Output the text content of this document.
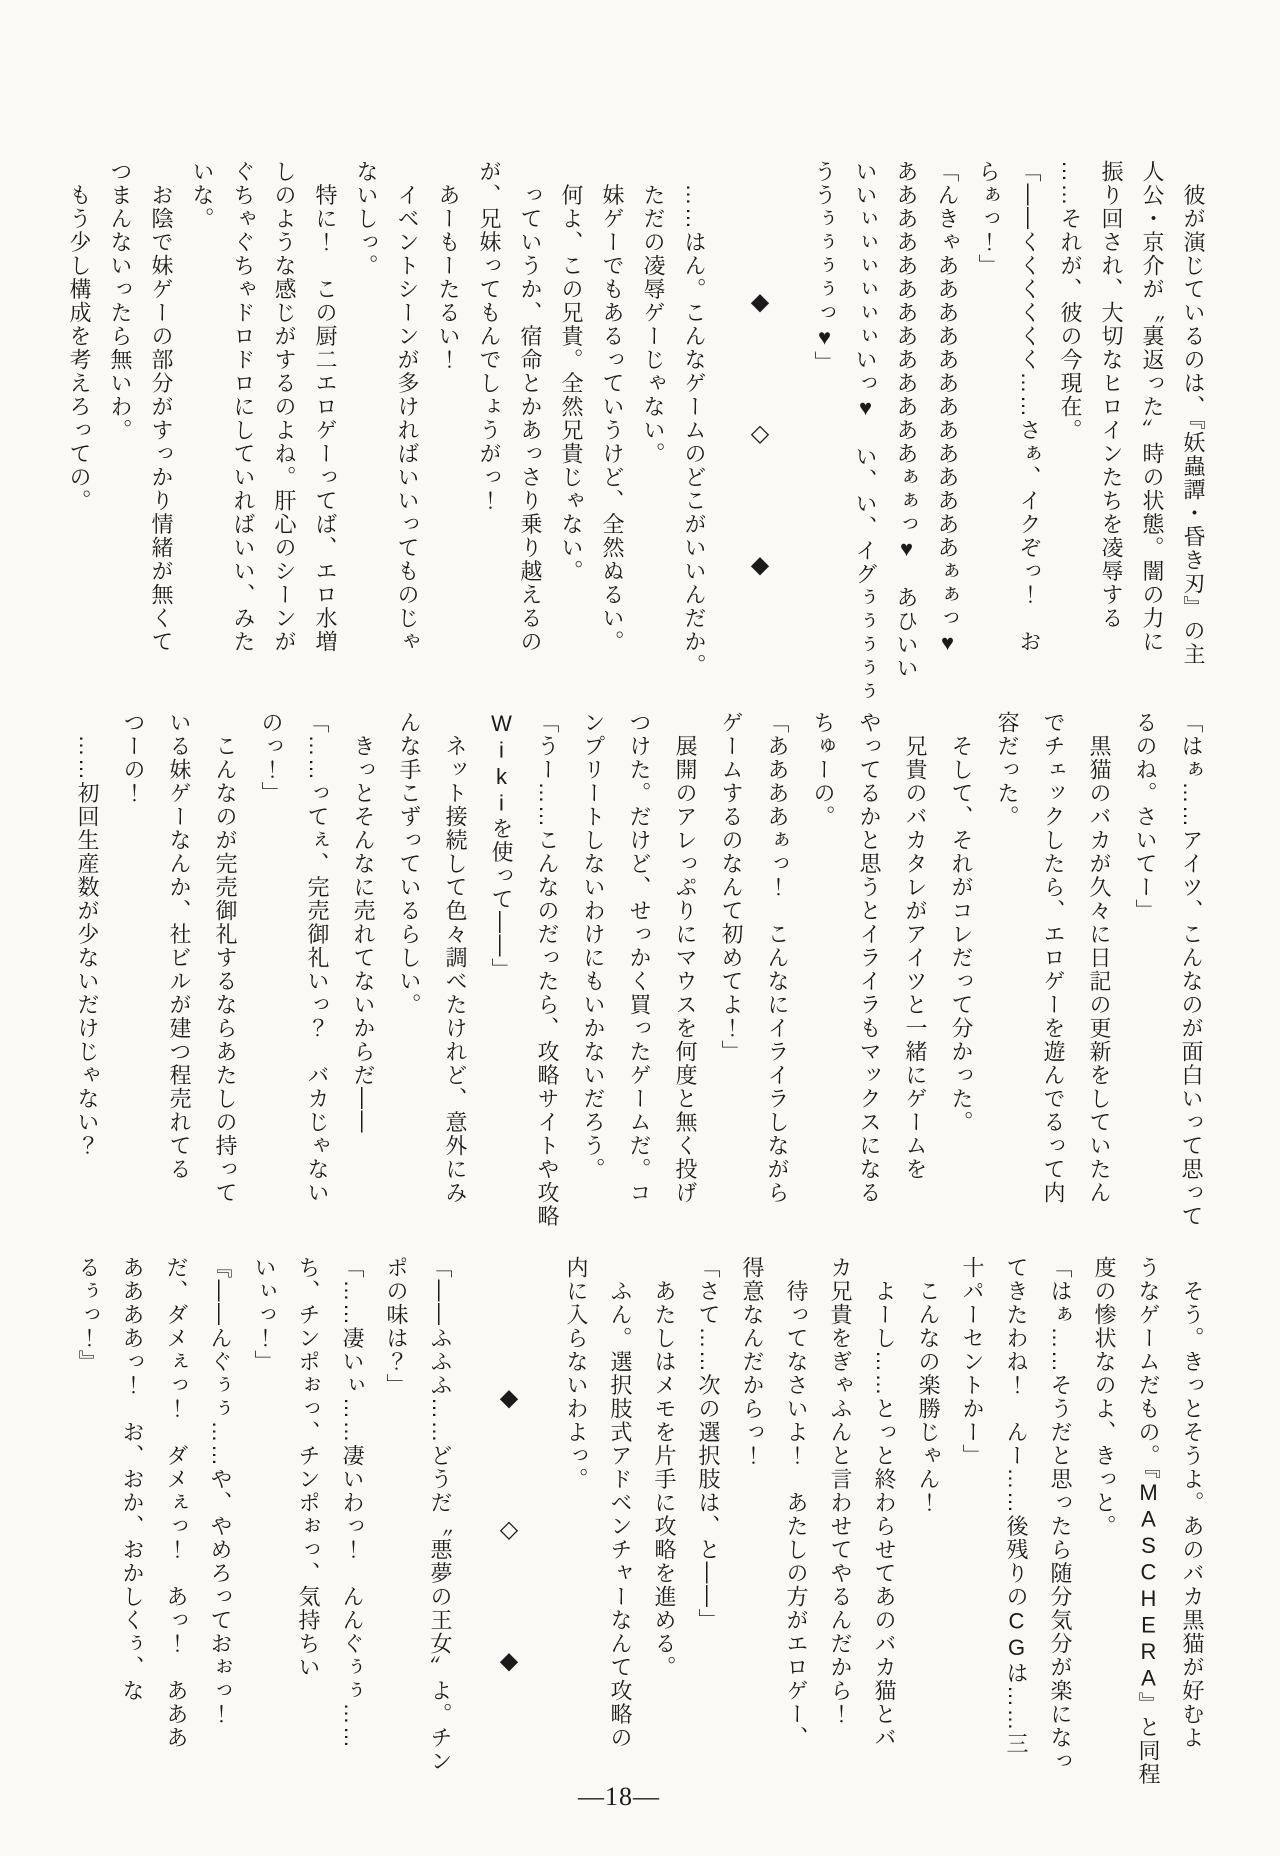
　彼が演じているのは、『妖蟲譚・昏き刃』の主
人公・京介が〝裏返った〟時の状態。闇の力に
振り回され、大切なヒロインたちを凌辱する
……それが、彼の今現在。
「――くくくくくく……さぁ、イクぞっ！　お
らぁっ！」
「んきゃあああああああああああああぁぁっ♥
あああああああああああああぁぁっ♥　あひいい
いいぃぃぃぃぃぃいっ♥　い、い、イグぅぅぅぅぅ
ううぅぅぅぅっ♥」
　　　　　◆　　　　◇　　　　◆
　……はん。こんなゲームのどこがいいんだか。
　ただの凌辱ゲーじゃない。
　妹ゲーでもあるっていうけど、全然ぬるい。
　何よ、この兄貴。全然兄貴じゃない。
　っていうか、宿命とかあっさり乗り越えるの
が、兄妹ってもんでしょうがっ！
　あーもーたるい！
　イベントシーンが多ければいいってものじゃ
ないしっ。
　特に！　この厨二エロゲーってば、エロ水増
しのような感じがするのよね。肝心のシーンが
ぐちゃぐちゃドロドロにしていればいい、みた
いな。
　お陰で妹ゲーの部分がすっかり情緒が無くて
つまんないったら無いわ。
　もう少し構成を考えろっての。
「はぁ……アイツ、こんなのが面白いって思って
るのね。さいてー」
　黒猫のバカが久々に日記の更新をしていたん
でチェックしたら、エロゲーを遊んでるって内
容だった。
　そして、それがコレだって分かった。
　兄貴のバカタレがアイツと一緒にゲームを
やってるかと思うとイライラもマックスになる
ちゅーの。
「ああああぁっ！　こんなにイライラしながら
ゲームするのなんて初めてよ！」
　展開のアレっぷりにマウスを何度と無く投げ
つけた。だけど、せっかく買ったゲームだ。コ
ンプリートしないわけにもいかないだろう。
「うー……こんなのだったら、攻略サイトや攻略
Wikiを使って――」
　ネット接続して色々調べたけれど、意外にみ
んな手こずっているらしい。
　きっとそんなに売れてないからだ――
「……ってぇ、完売御礼いっ？　バカじゃない
のっ！」
　こんなのが完売御礼するならあたしの持って
いる妹ゲーなんか、社ビルが建つ程売れてる
つーの！
　……初回生産数が少ないだけじゃない？
　そう。きっとそうよ。あのバカ黒猫が好むよ
うなゲームだもの。『MASCHERA』と同程
度の惨状なのよ、きっと。
「はぁ……そうだと思ったら随分気分が楽になっ
てきたわね！　んー……後残りのCGは……三
十パーセントかー」
　こんなの楽勝じゃん！
　よーし……とっと終わらせてあのバカ猫とバ
カ兄貴をぎゃふんと言わせてやるんだから！
　待ってなさいよ！　あたしの方がエロゲー、
得意なんだからっ！
「さて……次の選択肢は、と――」
　あたしはメモを片手に攻略を進める。
　ふん。選択肢式アドベンチャーなんて攻略の
内に入らないわよっ。
　　　　　◆　　　　◇　　　　◆
「――ふふふ……どうだ〝悪夢の王女〟よ。チン
ポの味は？」
「……凄いぃ……凄いわっ！　んんぐぅぅ……
ち、チンポぉっ、チンポぉっ、気持ちい
いぃっ！」
『――んぐぅぅ……や、やめろっておぉっ！
だ、ダメぇっ！　ダメぇっ！　あっ！　あああ
ああああっ！　お、おか、おかしくぅ、な
るぅっ！』
—18—
